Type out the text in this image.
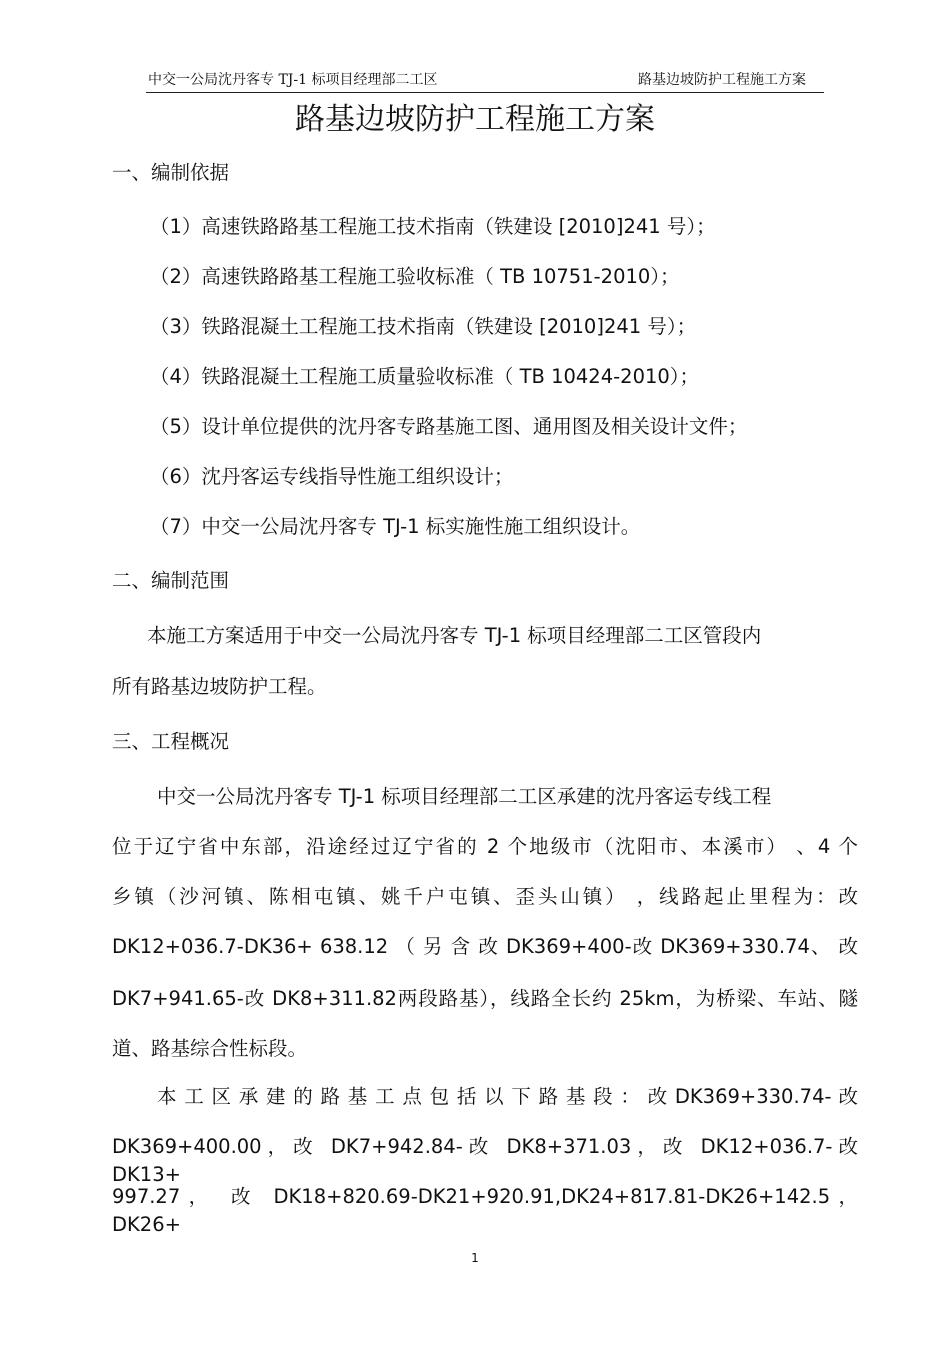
中交一公局沈丹客专 TJ-1 标项目经理部二工区	路基边坡防护工程施工方案
路基边坡防护工程施工方案
一、编制依据
（1）高速铁路路基工程施工技术指南（铁建设 [2010]241 号）；
（2）高速铁路路基工程施工验收标准（ TB 10751-2010）；
（3）铁路混凝土工程施工技术指南（铁建设 [2010]241 号）；
（4）铁路混凝土工程施工质量验收标准（ TB 10424-2010）；
（5）设计单位提供的沈丹客专路基施工图、通用图及相关设计文件；
（6）沈丹客运专线指导性施工组织设计；
（7）中交一公局沈丹客专 TJ-1 标实施性施工组织设计。
二、编制范围
本施工方案适用于中交一公局沈丹客专 TJ-1 标项目经理部二工区管段内
所有路基边坡防护工程。
三、工程概况
中交一公局沈丹客专 TJ-1 标项目经理部二工区承建的沈丹客运专线工程
位于辽宁省中东部，沿途经过辽宁省的 2 个地级市（沈阳市、本溪市） 、4 个
乡镇（沙河镇、陈相屯镇、姚千户屯镇、歪头山镇） ，线路起止里程为：改
DK12+036.7-DK36+ 638.12 （ 另 含 改 DK369+400-改 DK369+330.74、 改
DK7+941.65-改 DK8+311.82两段路基），线路全长约 25km，为桥梁、车站、隧
道、路基综合性标段。
本 工 区 承 建 的 路 基 工 点 包 括 以 下 路 基 段 ： 改 DK369+330.74- 改
DK369+400.00，改 DK7+942.84-改 DK8+371.03，改 DK12+036.7-改 DK13+
997.27， 改 DK18+820.69-DK21+920.91,DK24+817.81-DK26+142.5， DK26+
1
